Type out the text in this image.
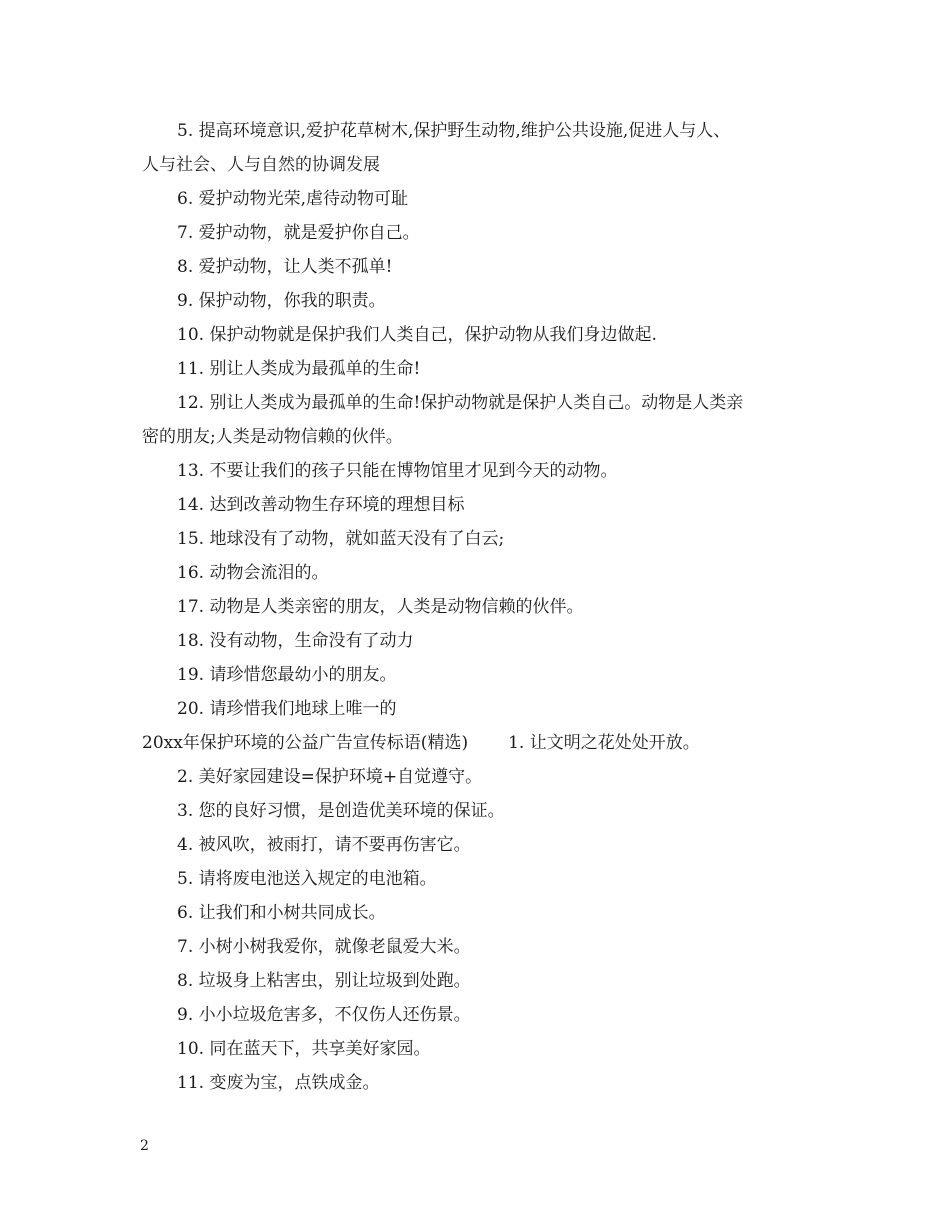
5. 提高环境意识,爱护花草树木,保护野生动物,维护公共设施,促进人与人、
人与社会、人与自然的协调发展
6. 爱护动物光荣,虐待动物可耻
7. 爱护动物，就是爱护你自己。
8. 爱护动物，让人类不孤单!
9. 保护动物，你我的职责。
10. 保护动物就是保护我们人类自己，保护动物从我们身边做起.
11. 别让人类成为最孤单的生命!
12. 别让人类成为最孤单的生命!保护动物就是保护人类自己。动物是人类亲
密的朋友;人类是动物信赖的伙伴。
13. 不要让我们的孩子只能在博物馆里才见到今天的动物。
14. 达到改善动物生存环境的理想目标
15. 地球没有了动物，就如蓝天没有了白云;
16. 动物会流泪的。
17. 动物是人类亲密的朋友，人类是动物信赖的伙伴。
18. 没有动物，生命没有了动力
19. 请珍惜您最幼小的朋友。
20. 请珍惜我们地球上唯一的
20xx年保护环境的公益广告宣传标语(精选) 1. 让文明之花处处开放。
2. 美好家园建设=保护环境+自觉遵守。
3. 您的良好习惯，是创造优美环境的保证。
4. 被风吹，被雨打，请不要再伤害它。
5. 请将废电池送入规定的电池箱。
6. 让我们和小树共同成长。
7. 小树小树我爱你，就像老鼠爱大米。
8. 垃圾身上粘害虫，别让垃圾到处跑。
9. 小小垃圾危害多，不仅伤人还伤景。
10. 同在蓝天下，共享美好家园。
11. 变废为宝，点铁成金。
2
